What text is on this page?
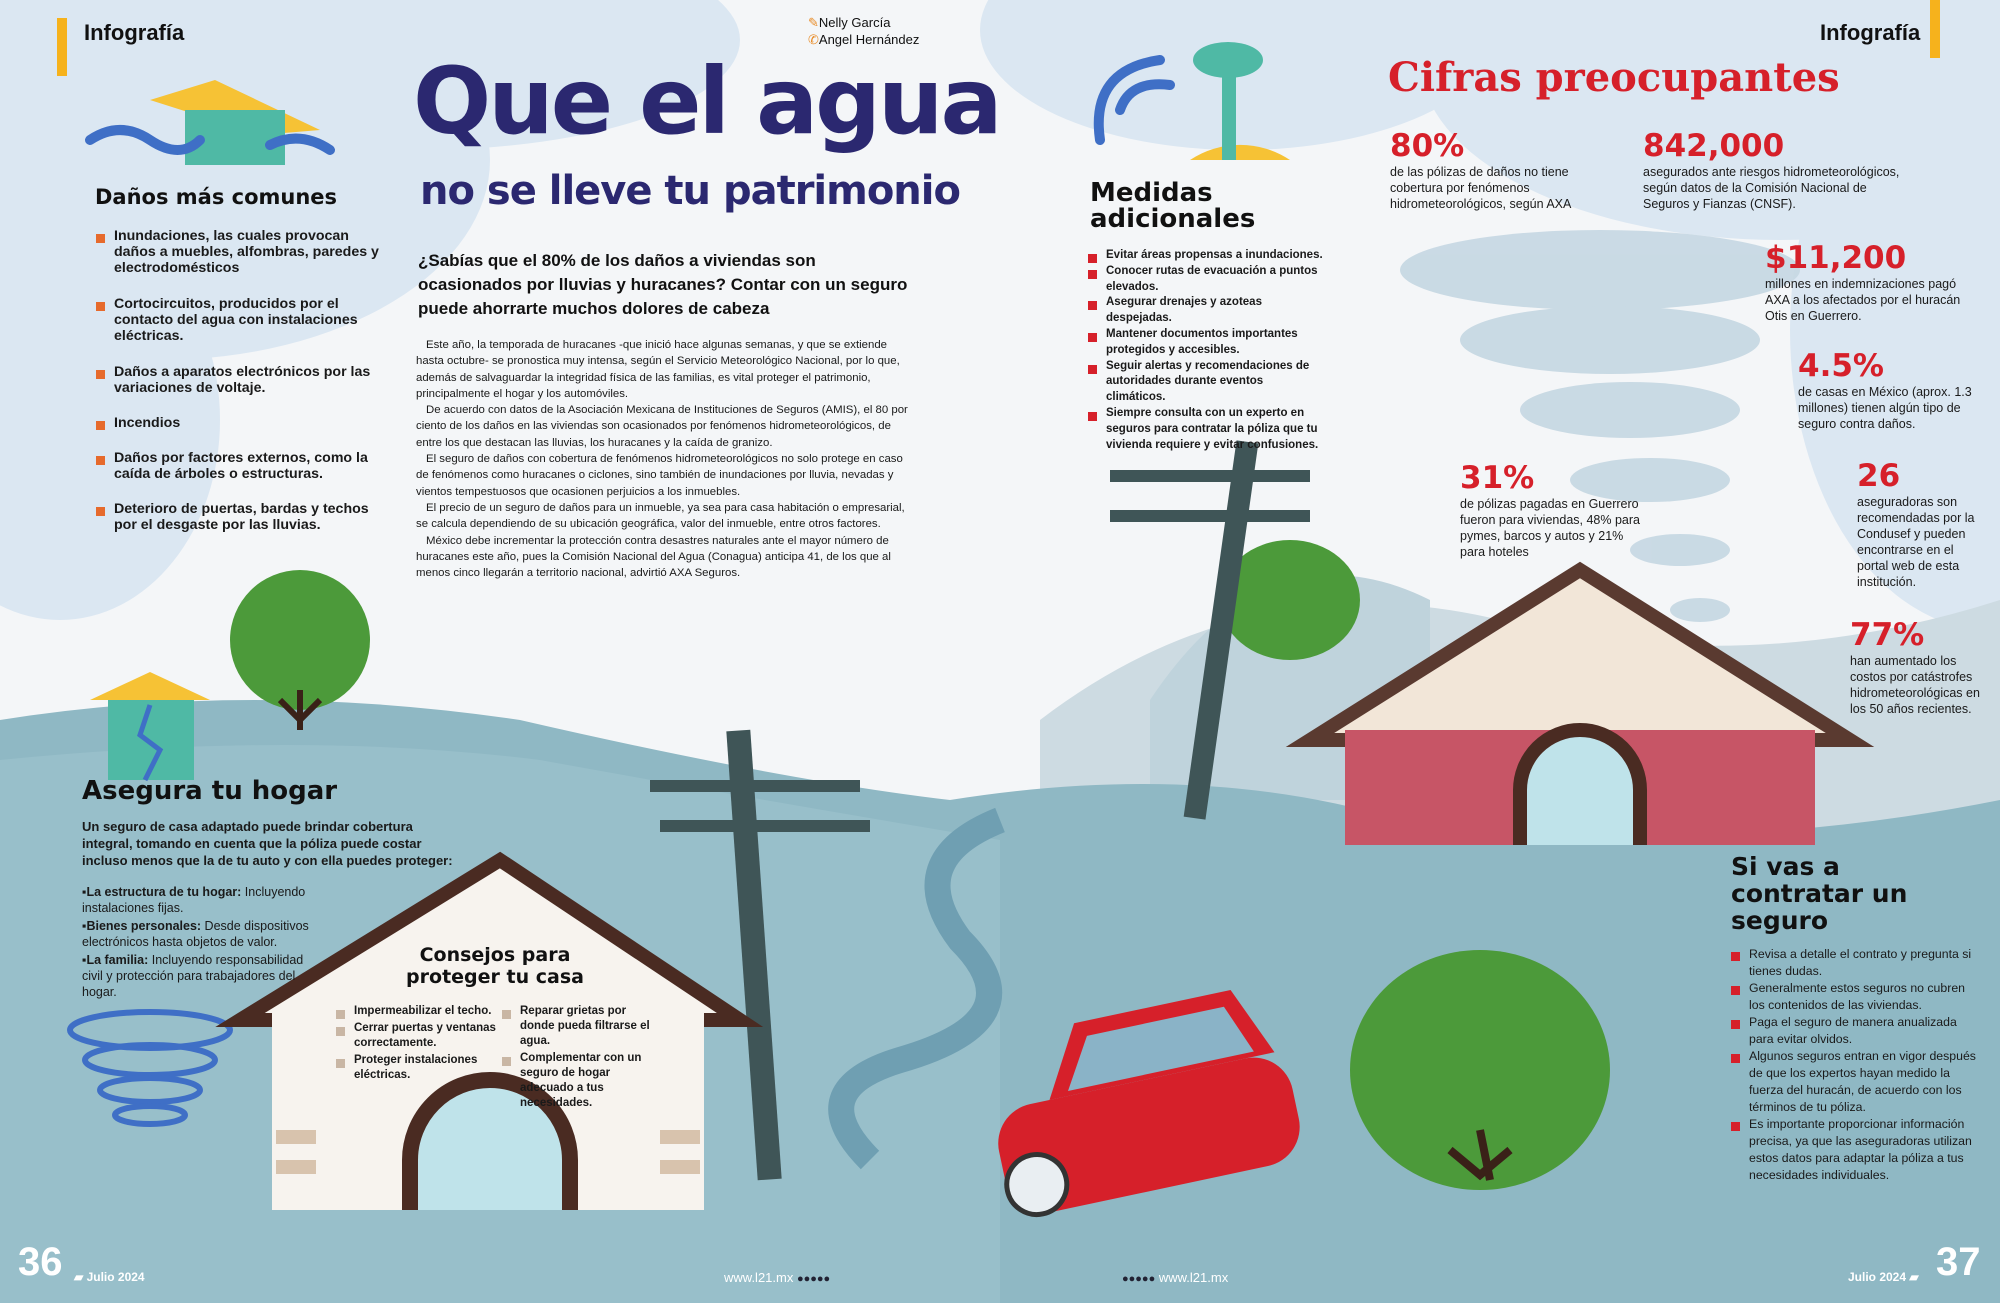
Infografía	✎Nelly García
✆Angel Hernández
Que el agua
no se lleve tu patrimonio
¿Sabías que el 80% de los daños a viviendas son ocasionados por lluvias y huracanes? Contar con un seguro puede ahorrarte muchos dolores de cabeza

Este año, la temporada de huracanes -que inició hace algunas semanas, y que se extiende hasta octubre- se pronostica muy intensa, según el Servicio Meteorológico Nacional, por lo que, además de salvaguardar la integridad física de las familias, es vital proteger el patrimonio, principalmente el hogar y los automóviles.

De acuerdo con datos de la Asociación Mexicana de Instituciones de Seguros (AMIS), el 80 por ciento de los daños en las viviendas son ocasionados por fenómenos hidrometeorológicos, de entre los que destacan las lluvias, los huracanes y la caída de granizo.

El seguro de daños con cobertura de fenómenos hidrometeorológicos no solo protege en caso de fenómenos como huracanes o ciclones, sino también de inundaciones por lluvia, nevadas y vientos tempestuosos que ocasionen perjuicios a los inmuebles.

El precio de un seguro de daños para un inmueble, ya sea para casa habitación o empresarial, se calcula dependiendo de su ubicación geográfica, valor del inmueble, entre otros factores.

México debe incrementar la protección contra desastres naturales ante el mayor número de huracanes este año, pues la Comisión Nacional del Agua (Conagua) anticipa 41, de los que al menos cinco llegarán a territorio nacional, advirtió AXA Seguros.

Daños más comunes
Inundaciones, las cuales provocan daños a muebles, alfombras, paredes y electrodomésticos
Cortocircuitos, producidos por el contacto del agua con instalaciones eléctricas.
Daños a aparatos electrónicos por las variaciones de voltaje.
Incendios
Daños por factores externos, como la caída de árboles o estructuras.
Deterioro de puertas, bardas y techos por el desgaste por las lluvias.
Asegura tu hogar
Un seguro de casa adaptado puede brindar cobertura integral, tomando en cuenta que la póliza puede costar incluso menos que la de tu auto y con ella puedes proteger:
▪La estructura de tu hogar: Incluyendo instalaciones fijas.
▪Bienes personales: Desde dispositivos electrónicos hasta objetos de valor.
▪La familia: Incluyendo responsabilidad civil y protección para trabajadores del hogar.
Consejos para proteger tu casa
Impermeabilizar el techo.
Cerrar puertas y ventanas correctamente.
Proteger instalaciones eléctricas.
Reparar grietas por donde pueda filtrarse el agua.
Complementar con un seguro de hogar adecuado a tus necesidades.
36 ▰ Julio 2024	www.l21.mx ●●●●●
Infografía
Cifras preocupantes
Medidas adicionales
Evitar áreas propensas a inundaciones.
Conocer rutas de evacuación a puntos elevados.
Asegurar drenajes y azoteas despejadas.
Mantener documentos importantes protegidos y accesibles.
Seguir alertas y recomendaciones de autoridades durante eventos climáticos.
Siempre consulta con un experto en seguros para contratar la póliza que tu vivienda requiere y evitar confusiones.
80%
de las pólizas de daños no tiene cobertura por fenómenos hidrometeorológicos, según AXA
842,000
asegurados ante riesgos hidrometeorológicos, según datos de la Comisión Nacional de Seguros y Fianzas (CNSF).
$11,200
millones en indemnizaciones pagó AXA a los afectados por el huracán Otis en Guerrero.
4.5%
de casas en México (aprox. 1.3 millones) tienen algún tipo de seguro contra daños.
31%
de pólizas pagadas en Guerrero fueron para viviendas, 48% para pymes, barcos y autos y 21% para hoteles
26
aseguradoras son recomendadas por la Condusef y pueden encontrarse en el portal web de esta institución.
77%
han aumentado los costos por catástrofes hidrometeorológicas en los 50 años recientes.
Si vas a contratar un seguro
Revisa a detalle el contrato y pregunta si tienes dudas.
Generalmente estos seguros no cubren los contenidos de las viviendas.
Paga el seguro de manera anualizada para evitar olvidos.
Algunos seguros entran en vigor después de que los expertos hayan medido la fuerza del huracán, de acuerdo con los términos de tu póliza.
Es importante proporcionar información precisa, ya que las aseguradoras utilizan estos datos para adaptar la póliza a tus necesidades individuales.
●●●●● www.l21.mx	Julio 2024 ▰ 37
